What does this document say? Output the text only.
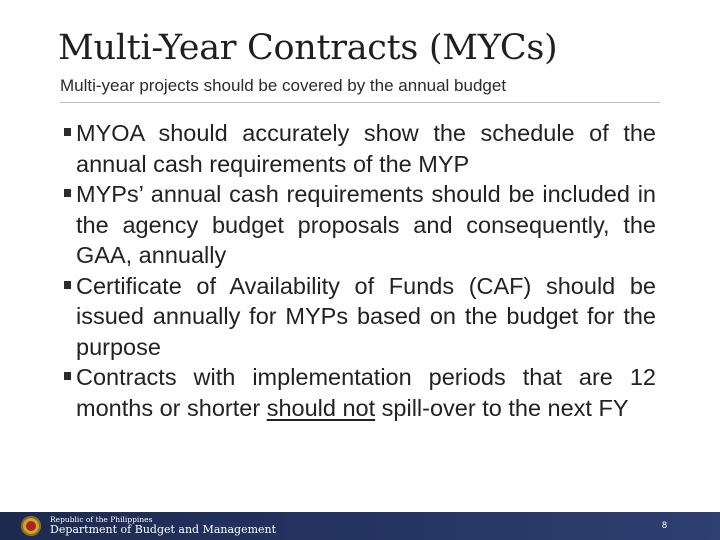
Multi-Year Contracts (MYCs)

Multi-year projects should be covered by the annual budget

MYOA should accurately show the schedule of the annual cash requirements of the MYP
MYPs’ annual cash requirements should be included in the agency budget proposals and consequently, the GAA, annually
Certificate of Availability of Funds (CAF) should be issued annually for MYPs based on the budget for the purpose
Contracts with implementation periods that are 12 months or shorter should not spill-over to the next FY
Republic of the Philippines
Department of Budget and Management	8
